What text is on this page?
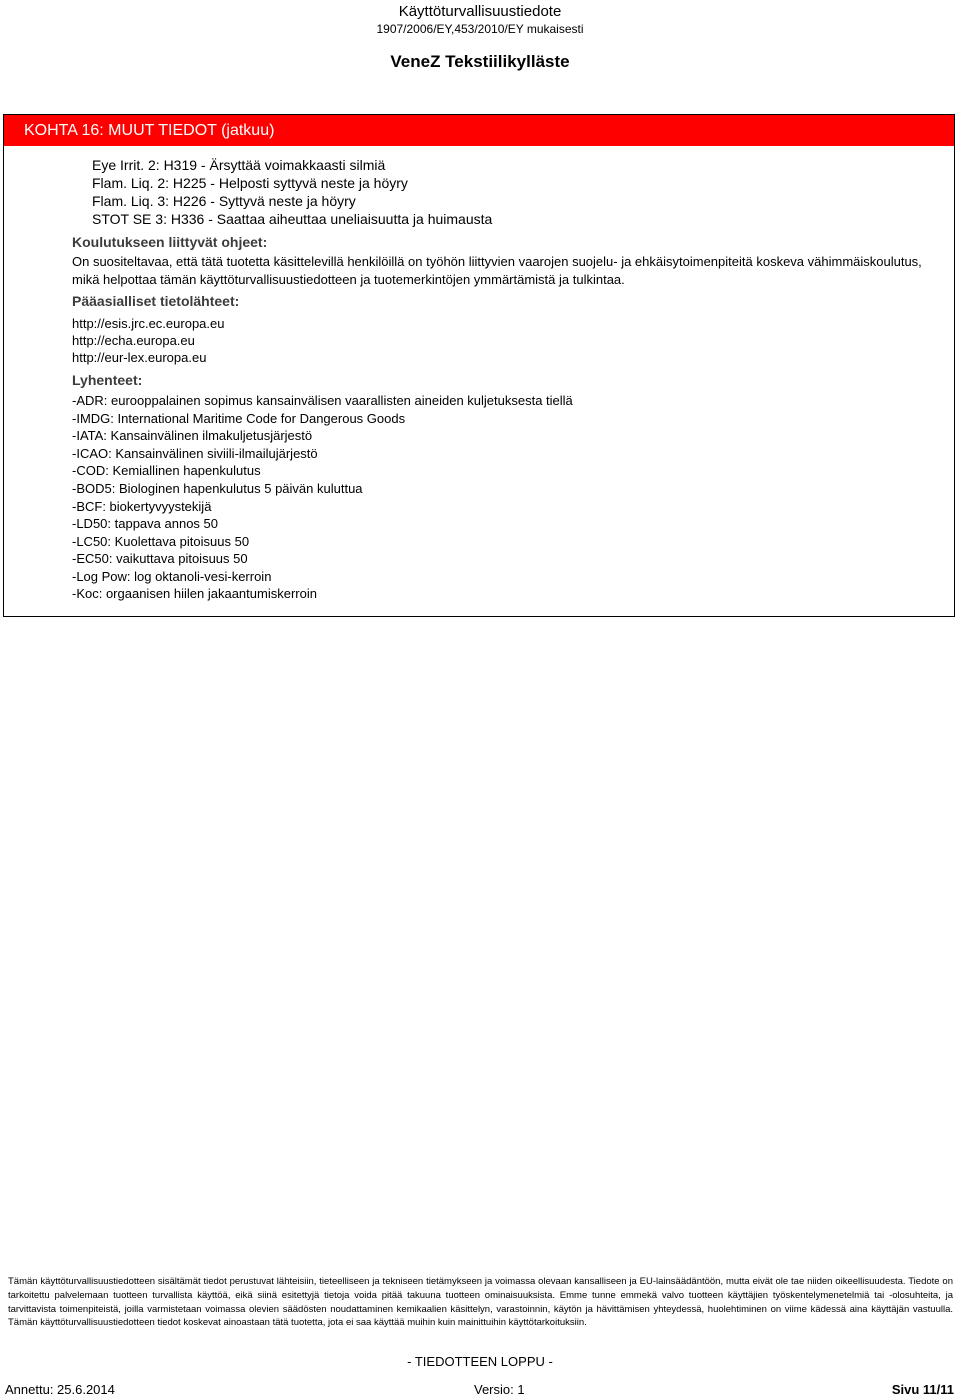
Käyttöturvallisuustiedote
1907/2006/EY,453/2010/EY mukaisesti
VeneZ Tekstiilikylläste
KOHTA 16: MUUT TIEDOT (jatkuu)
Eye Irrit. 2: H319 - Ärsyttää voimakkaasti silmiä
Flam. Liq. 2: H225 - Helposti syttyvä neste ja höyry
Flam. Liq. 3: H226 - Syttyvä neste ja höyry
STOT SE 3: H336 - Saattaa aiheuttaa uneliaisuutta ja huimausta
Koulutukseen liittyvät ohjeet:
On suositeltavaa, että tätä tuotetta käsittelevillä henkilöillä on työhön liittyvien vaarojen suojelu- ja ehkäisytoimenpiteitä koskeva vähimmäiskoulutus, mikä helpottaa tämän käyttöturvallisuustiedotteen ja tuotemerkintöjen ymmärtämistä ja tulkintaa.
Pääasialliset tietolähteet:
http://esis.jrc.ec.europa.eu
http://echa.europa.eu
http://eur-lex.europa.eu
Lyhenteet:
-ADR: eurooppalainen sopimus kansainvälisen vaarallisten aineiden kuljetuksesta tiellä
-IMDG: International Maritime Code for Dangerous Goods
-IATA: Kansainvälinen ilmakuljetusjärjestö
-ICAO: Kansainvälinen siviili-ilmailujärjestö
-COD: Kemiallinen hapenkulutus
-BOD5: Biologinen hapenkulutus 5 päivän kuluttua
-BCF: biokertyvyystekijä
-LD50: tappava annos 50
-LC50: Kuolettava pitoisuus 50
-EC50: vaikuttava pitoisuus 50
-Log Pow: log oktanoli-vesi-kerroin
-Koc: orgaanisen hiilen jakaantumiskerroin
Tämän käyttöturvallisuustiedotteen sisältämät tiedot perustuvat lähteisiin, tieteelliseen ja tekniseen tietämykseen ja voimassa olevaan kansalliseen ja EU-lainsäädäntöön, mutta eivät ole tae niiden oikeellisuudesta. Tiedote on tarkoitettu palvelemaan tuotteen turvallista käyttöä, eikä siinä esitettyjä tietoja voida pitää takuuna tuotteen ominaisuuksista. Emme tunne emmekä valvo tuotteen käyttäjien työskentelymenetelmiä tai -olosuhteita, ja tarvittavista toimenpiteistä, joilla varmistetaan voimassa olevien säädösten noudattaminen kemikaalien käsittelyn, varastoinnin, käytön ja hävittämisen yhteydessä, huolehtiminen on viime kädessä aina käyttäjän vastuulla. Tämän käyttöturvallisuustiedotteen tiedot koskevat ainoastaan tätä tuotetta, jota ei saa käyttää muihin kuin mainittuihin käyttötarkoituksiin.
- TIEDOTTEEN LOPPU -
Annettu: 25.6.2014	Versio: 1	Sivu 11/11
